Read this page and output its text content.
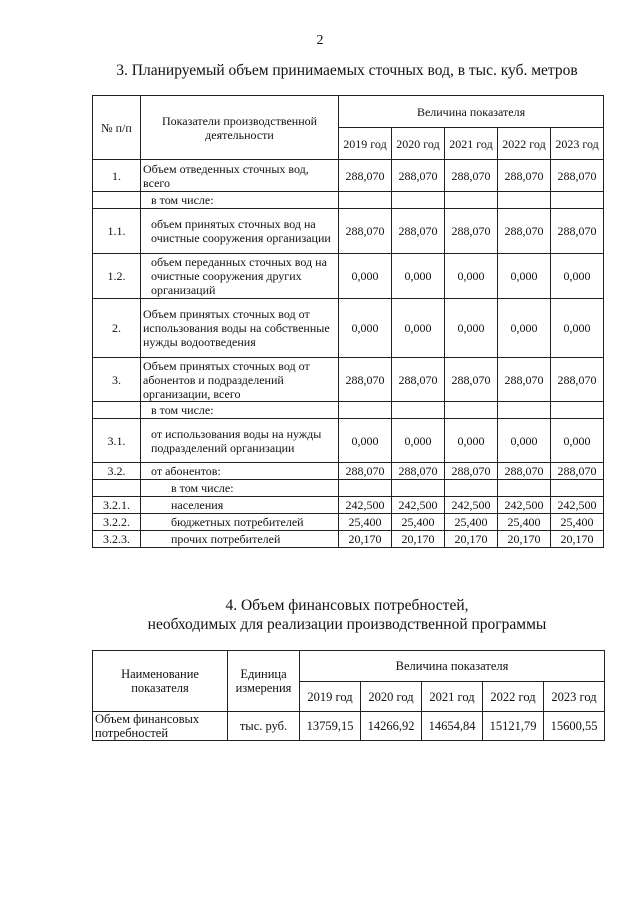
2
3. Планируемый объем принимаемых сточных вод, в тыс. куб. метров
№ п/п	Показатели производственной деятельности	Величина показателя				
		2019 год	2020 год	2021 год	2022 год	2023 год
1.	Объем отведенных сточных вод, всего	288,070	288,070	288,070	288,070	288,070
	в том числе:					
1.1.	объем принятых сточных вод на очистные сооружения организации	288,070	288,070	288,070	288,070	288,070
1.2.	объем переданных сточных вод на очистные сооружения других организаций	0,000	0,000	0,000	0,000	0,000
2.	Объем принятых сточных вод от использования воды на собственные нужды водоотведения	0,000	0,000	0,000	0,000	0,000
3.	Объем принятых сточных вод от абонентов и подразделений организации, всего	288,070	288,070	288,070	288,070	288,070
	в том числе:					
3.1.	от использования воды на нужды подразделений организации	0,000	0,000	0,000	0,000	0,000
3.2.	от абонентов:	288,070	288,070	288,070	288,070	288,070
	в том числе:					
3.2.1.	населения	242,500	242,500	242,500	242,500	242,500
3.2.2.	бюджетных потребителей	25,400	25,400	25,400	25,400	25,400
3.2.3.	прочих потребителей	20,170	20,170	20,170	20,170	20,170
4. Объем финансовых потребностей,
необходимых для реализации производственной программы
Наименование показателя	Единица измерения	Величина показателя				
		2019 год	2020 год	2021 год	2022 год	2023 год
Объем финансовых потребностей	тыс. руб.	13759,15	14266,92	14654,84	15121,79	15600,55
